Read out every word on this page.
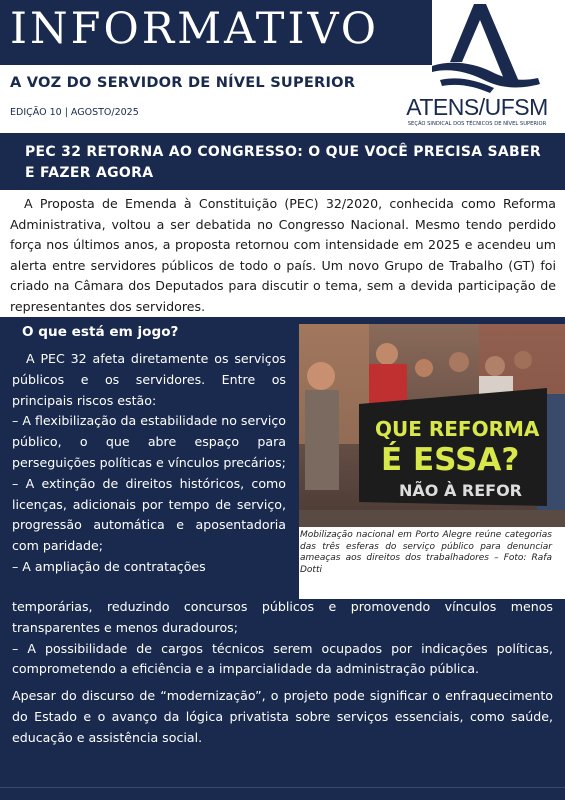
INFORMATIVO
A VOZ DO SERVIDOR DE NÍVEL SUPERIOR
EDIÇÃO 10 | AGOSTO/2025	ATENS/UFSM
SEÇÃO SINDICAL DOS TÉCNICOS DE NÍVEL SUPERIOR
PEC 32 RETORNA AO CONGRESSO: O QUE VOCÊ PRECISA SABER E FAZER AGORA
A Proposta de Emenda à Constituição (PEC) 32/2020, conhecida como Reforma Administrativa, voltou a ser debatida no Congresso Nacional. Mesmo tendo perdido força nos últimos anos, a proposta retornou com intensidade em 2025 e acendeu um alerta entre servidores públicos de todo o país. Um novo Grupo de Trabalho (GT) foi criado na Câmara dos Deputados para discutir o tema, sem a devida participação de representantes dos servidores.
O que está em jogo?

A PEC 32 afeta diretamente os serviços públicos e os servidores. Entre os principais riscos estão:

– A flexibilização da estabilidade no serviço público, o que abre espaço para perseguições políticas e vínculos precários;

– A extinção de direitos históricos, como licenças, adicionais por tempo de serviço, progressão automática e aposentadoria com paridade;

– A ampliação de contratações

temporárias, reduzindo concursos públicos e promovendo vínculos menos transparentes e menos duradouros;

– A possibilidade de cargos técnicos serem ocupados por indicações políticas, comprometendo a eficiência e a imparcialidade da administração pública.

Apesar do discurso de “modernização”, o projeto pode significar o enfraquecimento do Estado e o avanço da lógica privatista sobre serviços essenciais, como saúde, educação e assistência social.

QUE REFORMA
É ESSA?
NÃO À REFOR
Mobilização nacional em Porto Alegre reúne categorias das três esferas do serviço público para denunciar ameaças aos direitos dos trabalhadores – Foto: Rafa Dotti
